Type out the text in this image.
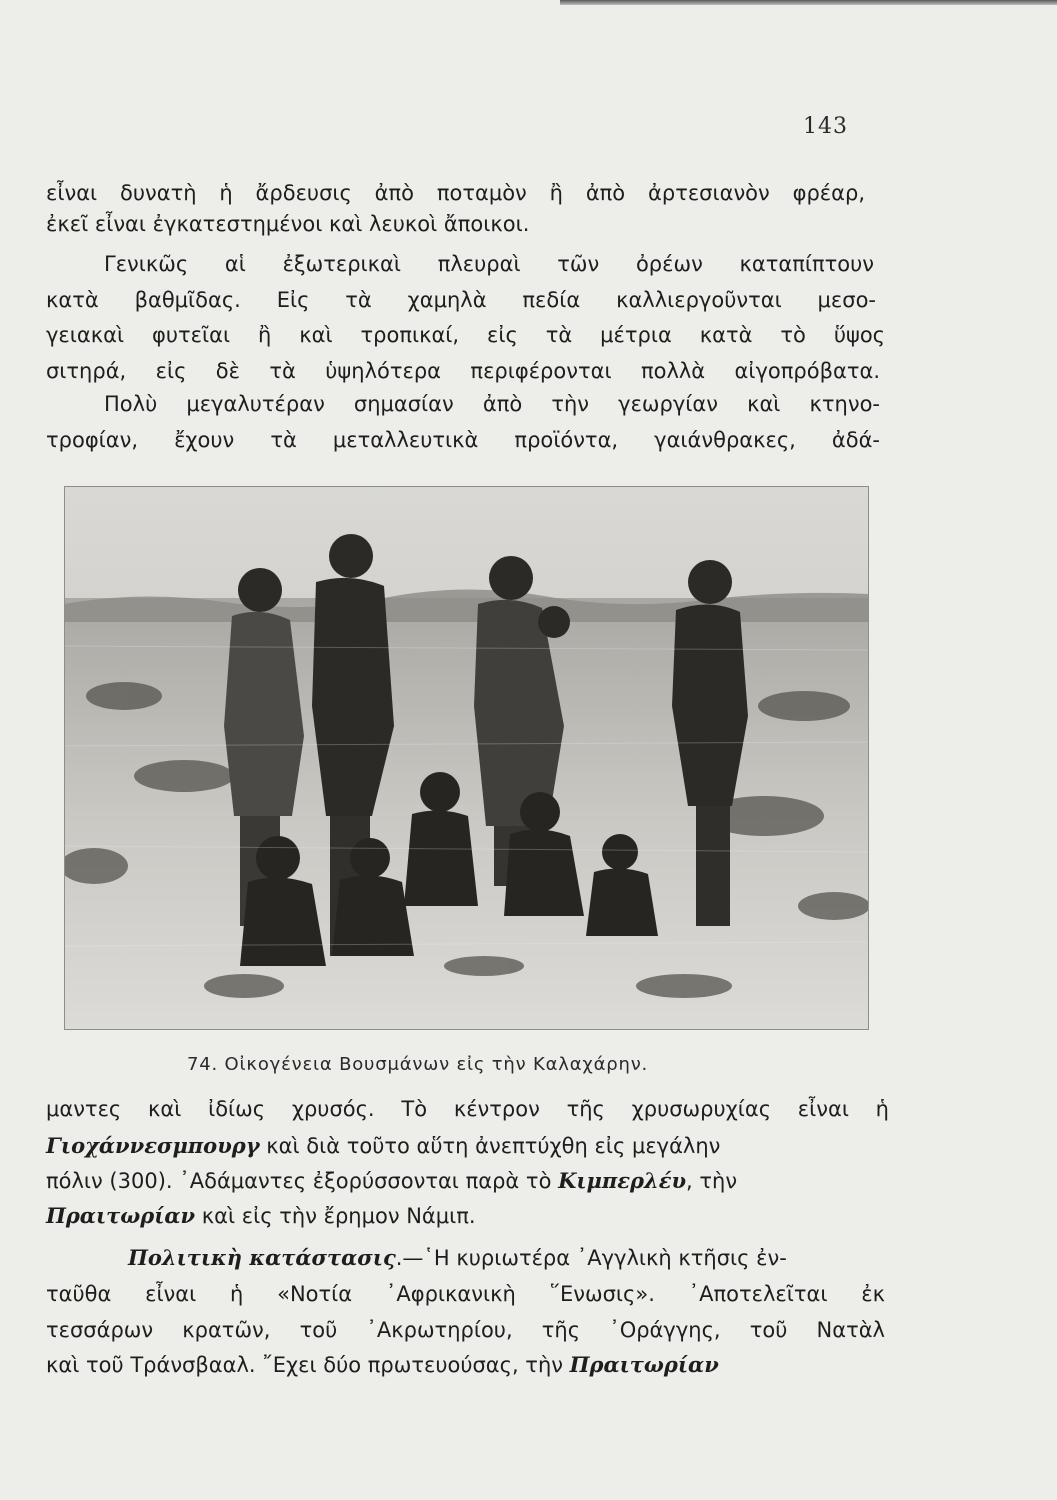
143
εἶναι δυνατὴ ἡ ἄρδευσις ἀπὸ ποταμὸν ἢ ἀπὸ ἀρτεσιανὸν φρέαρ,
ἐκεῖ εἶναι ἐγκατεστημένοι καὶ λευκοὶ ἄποικοι.
Γενικῶς αἱ ἐξωτερικαὶ πλευραὶ τῶν ὀρέων καταπίπτουν
κατὰ βαθμῖδας. Εἰς τὰ χαμηλὰ πεδία καλλιεργοῦνται μεσο-
γειακαὶ φυτεῖαι ἢ καὶ τροπικαί, εἰς τὰ μέτρια κατὰ τὸ ὕψος
σιτηρά, εἰς δὲ τὰ ὑψηλότερα περιφέρονται πολλὰ αἰγοπρόβατα.
Πολὺ μεγαλυτέραν σημασίαν ἀπὸ τὴν γεωργίαν καὶ κτηνο-
τροφίαν, ἔχουν τὰ μεταλλευτικὰ προϊόντα, γαιάνθρακες, ἀδά-
74. Οἰκογένεια Βουσμάνων εἰς τὴν Καλαχάρην.
μαντες καὶ ἰδίως χρυσός. Τὸ κέντρον τῆς χρυσωρυχίας εἶναι ἡ
Γιοχάννεσμπουργ καὶ διὰ τοῦτο αὕτη ἀνεπτύχθη εἰς μεγάλην
πόλιν (300). ᾿Αδάμαντες ἐξορύσσονται παρὰ τὸ Κιμπερλέυ, τὴν
Πραιτωρίαν καὶ εἰς τὴν ἔρημον Νάμιπ.
Πολιτικὴ κατάστασις.—῾Η κυριωτέρα ᾿Αγγλικὴ κτῆσις ἐν-
ταῦθα εἶναι ἡ «Νοτία ᾿Αφρικανικὴ ῞Ενωσις». ᾿Αποτελεῖται ἐκ
τεσσάρων κρατῶν, τοῦ ᾿Ακρωτηρίου, τῆς ᾿Οράγγης, τοῦ Νατὰλ
καὶ τοῦ Τράνσβααλ. ῎Εχει δύο πρωτευούσας, τὴν Πραιτωρίαν
